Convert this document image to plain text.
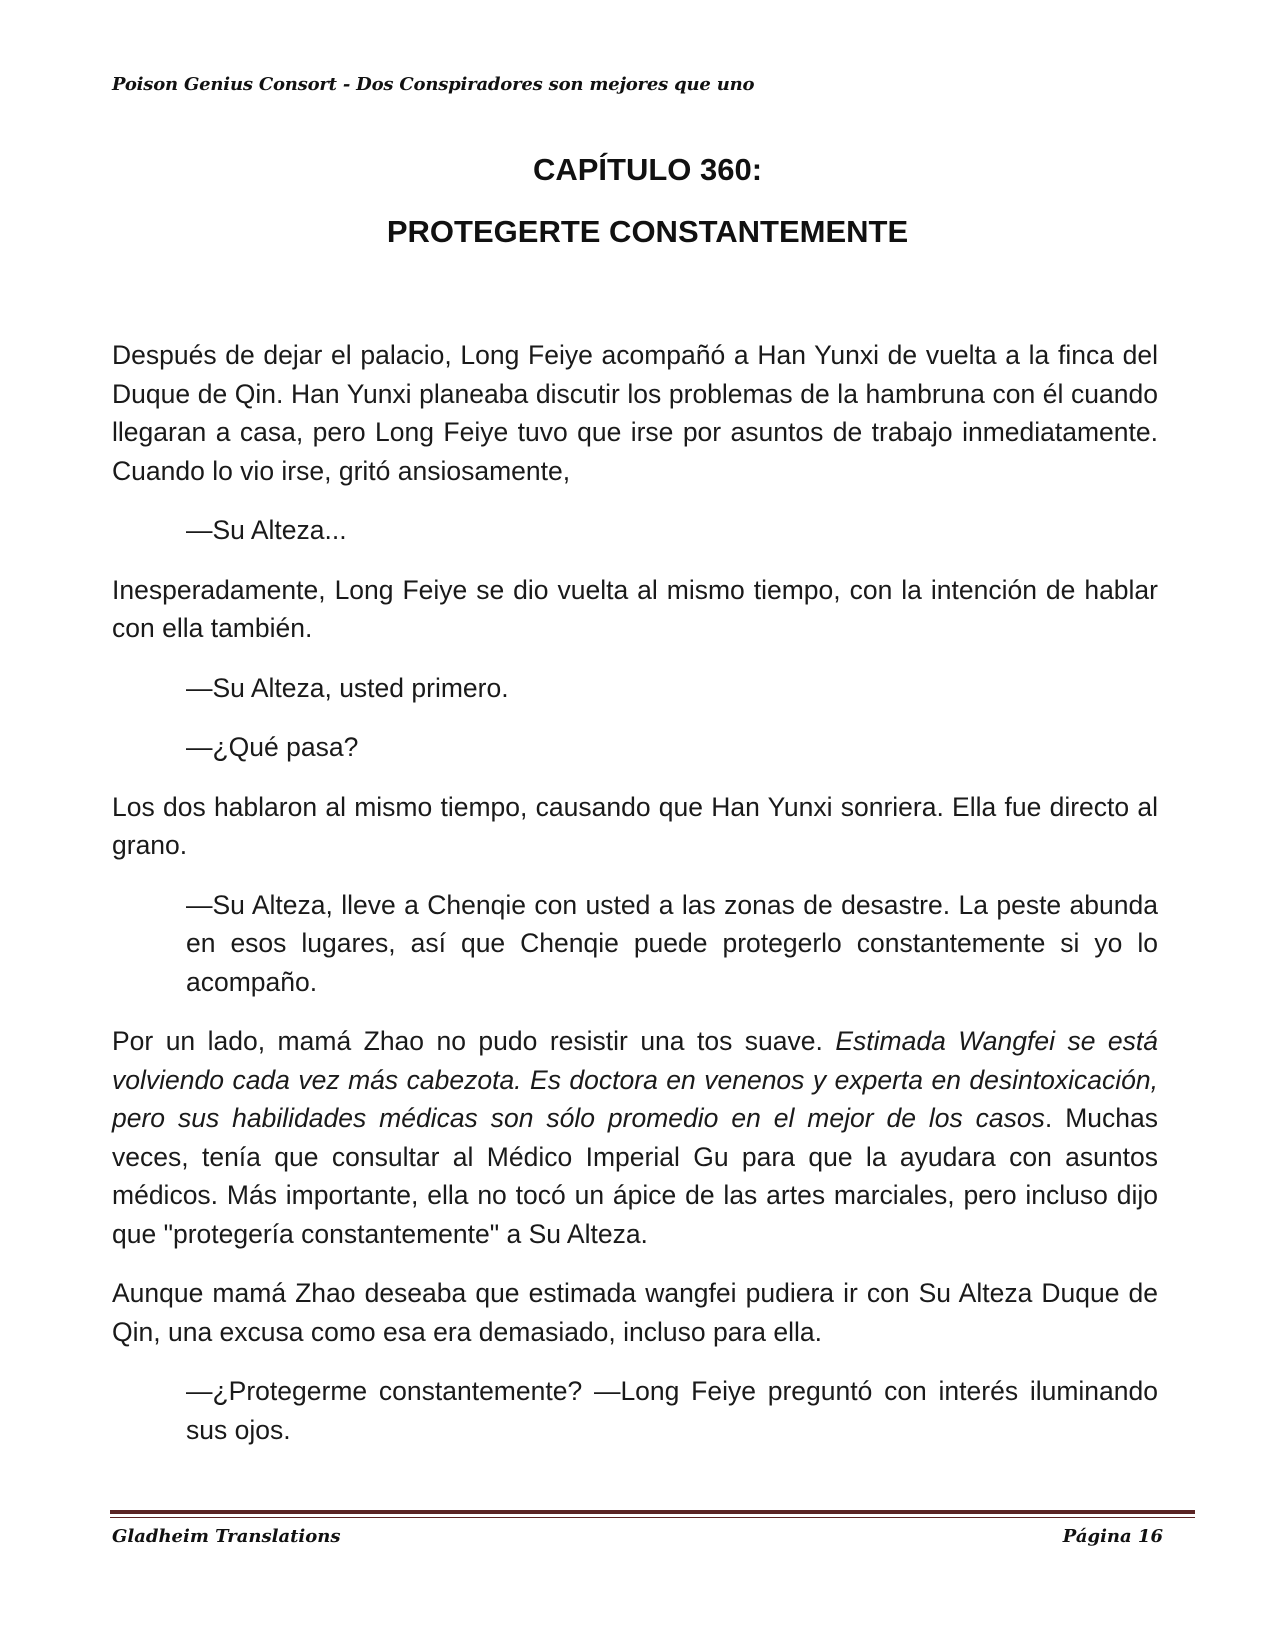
Poison Genius Consort - Dos Conspiradores son mejores que uno
CAPÍTULO 360:
PROTEGERTE CONSTANTEMENTE

Después de dejar el palacio, Long Feiye acompañó a Han Yunxi de vuelta a la finca del Duque de Qin. Han Yunxi planeaba discutir los problemas de la hambruna con él cuando llegaran a casa, pero Long Feiye tuvo que irse por asuntos de trabajo inmediatamente. Cuando lo vio irse, gritó ansiosamente,

—Su Alteza...

Inesperadamente, Long Feiye se dio vuelta al mismo tiempo, con la intención de hablar con ella también.

—Su Alteza, usted primero.

—¿Qué pasa?

Los dos hablaron al mismo tiempo, causando que Han Yunxi sonriera. Ella fue directo al grano.

—Su Alteza, lleve a Chenqie con usted a las zonas de desastre. La peste abunda en esos lugares, así que Chenqie puede protegerlo constantemente si yo lo acompaño.

Por un lado, mamá Zhao no pudo resistir una tos suave. Estimada Wangfei se está volviendo cada vez más cabezota. Es doctora en venenos y experta en desintoxicación, pero sus habilidades médicas son sólo promedio en el mejor de los casos. Muchas veces, tenía que consultar al Médico Imperial Gu para que la ayudara con asuntos médicos. Más importante, ella no tocó un ápice de las artes marciales, pero incluso dijo que "protegería constantemente" a Su Alteza.

Aunque mamá Zhao deseaba que estimada wangfei pudiera ir con Su Alteza Duque de Qin, una excusa como esa era demasiado, incluso para ella.

—¿Protegerme constantemente? —Long Feiye preguntó con interés iluminando sus ojos.

Gladheim Translations	Página 16
